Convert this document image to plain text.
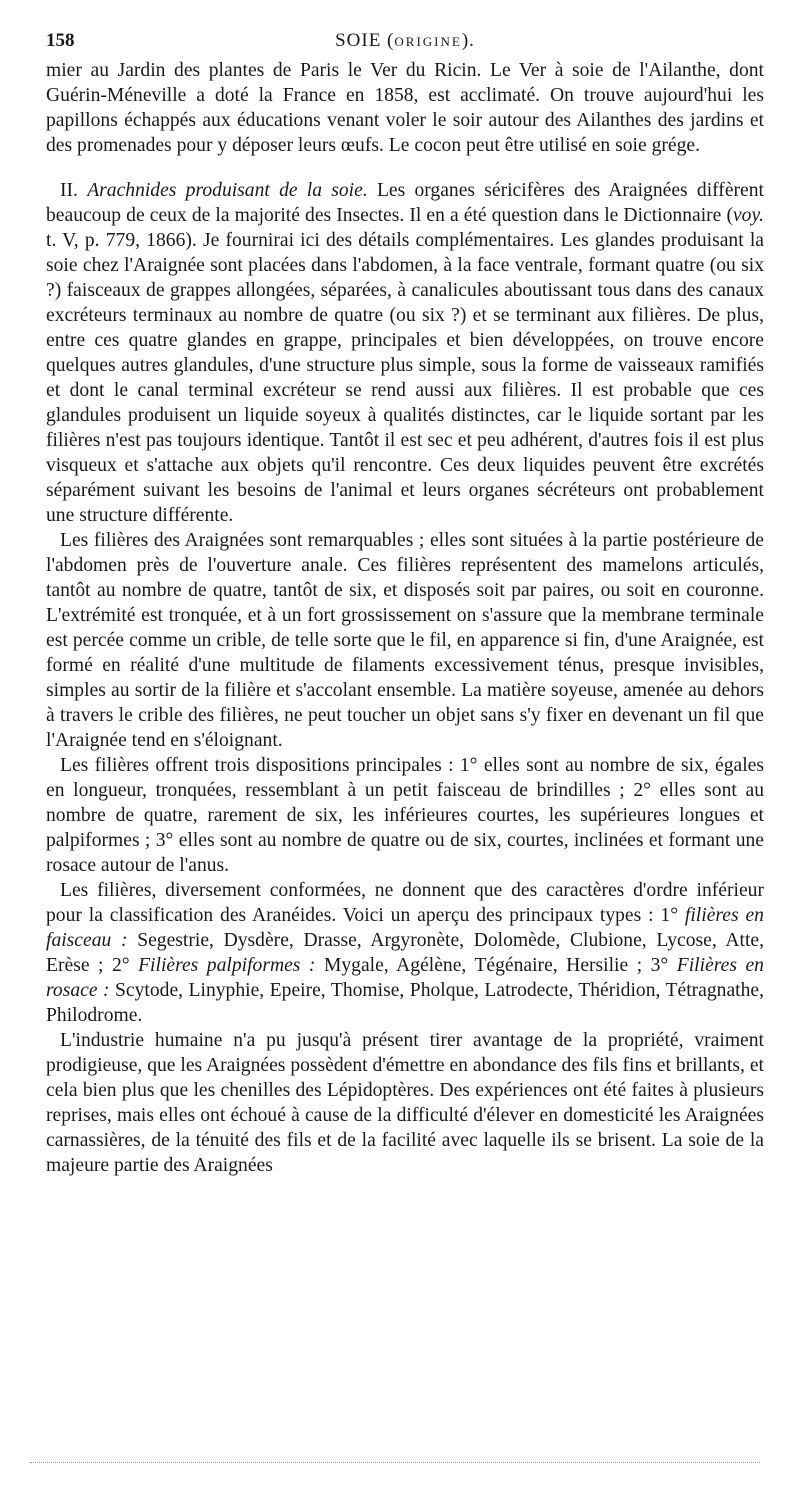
158	SOIE (ORIGINE).

mier au Jardin des plantes de Paris le Ver du Ricin. Le Ver à soie de l'Ailanthe, dont Guérin-Méneville a doté la France en 1858, est acclimaté. On trouve aujourd'hui les papillons échappés aux éducations venant voler le soir autour des Ailanthes des jardins et des promenades pour y déposer leurs œufs. Le cocon peut être utilisé en soie grége.

II. Arachnides produisant de la soie. Les organes séricifères des Araignées diffèrent beaucoup de ceux de la majorité des Insectes. Il en a été question dans le Dictionnaire (voy. t. V, p. 779, 1866). Je fournirai ici des détails complémentaires. Les glandes produisant la soie chez l'Araignée sont placées dans l'abdomen, à la face ventrale, formant quatre (ou six ?) faisceaux de grappes allongées, séparées, à canalicules aboutissant tous dans des canaux excréteurs terminaux au nombre de quatre (ou six ?) et se terminant aux filières. De plus, entre ces quatre glandes en grappe, principales et bien développées, on trouve encore quelques autres glandules, d'une structure plus simple, sous la forme de vaisseaux ramifiés et dont le canal terminal excréteur se rend aussi aux filières. Il est probable que ces glandules produisent un liquide soyeux à qualités distinctes, car le liquide sortant par les filières n'est pas toujours identique. Tantôt il est sec et peu adhérent, d'autres fois il est plus visqueux et s'attache aux objets qu'il rencontre. Ces deux liquides peuvent être excrétés séparément suivant les besoins de l'animal et leurs organes sécréteurs ont probablement une structure différente.

Les filières des Araignées sont remarquables ; elles sont situées à la partie postérieure de l'abdomen près de l'ouverture anale. Ces filières représentent des mamelons articulés, tantôt au nombre de quatre, tantôt de six, et disposés soit par paires, ou soit en couronne. L'extrémité est tronquée, et à un fort grossissement on s'assure que la membrane terminale est percée comme un crible, de telle sorte que le fil, en apparence si fin, d'une Araignée, est formé en réalité d'une multitude de filaments excessivement ténus, presque invisibles, simples au sortir de la filière et s'accolant ensemble. La matière soyeuse, amenée au dehors à travers le crible des filières, ne peut toucher un objet sans s'y fixer en devenant un fil que l'Araignée tend en s'éloignant.

Les filières offrent trois dispositions principales : 1° elles sont au nombre de six, égales en longueur, tronquées, ressemblant à un petit faisceau de brindilles ; 2° elles sont au nombre de quatre, rarement de six, les inférieures courtes, les supérieures longues et palpiformes ; 3° elles sont au nombre de quatre ou de six, courtes, inclinées et formant une rosace autour de l'anus.

Les filières, diversement conformées, ne donnent que des caractères d'ordre inférieur pour la classification des Aranéides. Voici un aperçu des principaux types : 1° filières en faisceau : Segestrie, Dysdère, Drasse, Argyronète, Dolomède, Clubione, Lycose, Atte, Erèse ; 2° Filières palpiformes : Mygale, Agélène, Tégénaire, Hersilie ; 3° Filières en rosace : Scytode, Linyphie, Epeire, Thomise, Pholque, Latrodecte, Théridion, Tétragnathe, Philodrome.

L'industrie humaine n'a pu jusqu'à présent tirer avantage de la propriété, vraiment prodigieuse, que les Araignées possèdent d'émettre en abondance des fils fins et brillants, et cela bien plus que les chenilles des Lépidoptères. Des expériences ont été faites à plusieurs reprises, mais elles ont échoué à cause de la difficulté d'élever en domesticité les Araignées carnassières, de la ténuité des fils et de la facilité avec laquelle ils se brisent. La soie de la majeure partie des Araignées
